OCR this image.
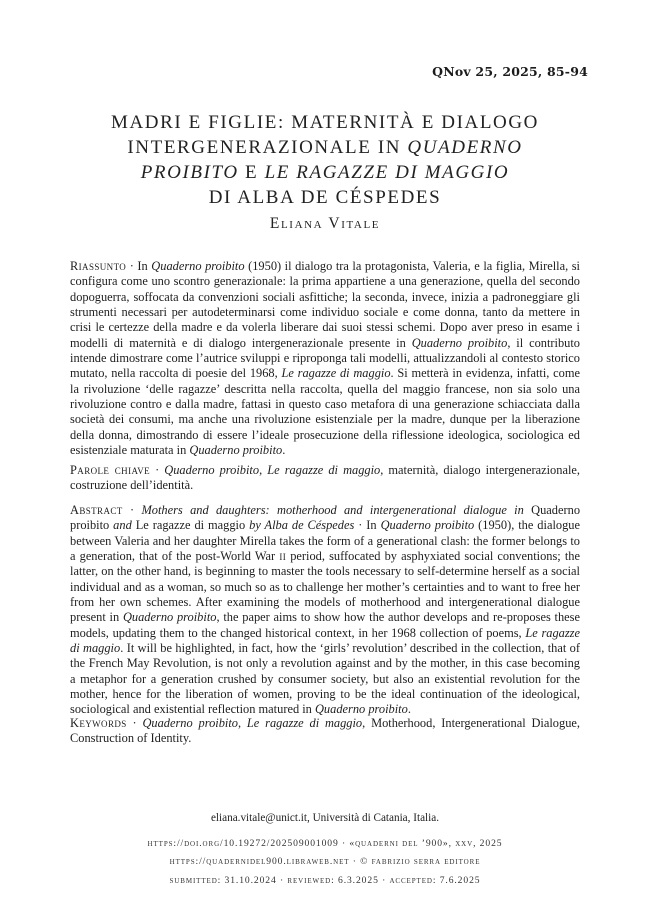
QNov 25, 2025, 85-94
MADRI E FIGLIE: MATERNITÀ E DIALOGO
INTERGENERAZIONALE IN QUADERNO
PROIBITO E LE RAGAZZE DI MAGGIO
DI ALBA DE CÉSPEDES
Eliana Vitale
Riassunto · In Quaderno proibito (1950) il dialogo tra la protagonista, Valeria, e la figlia, Mirella, si configura come uno scontro generazionale: la prima appartiene a una generazione, quella del secondo dopoguerra, soffocata da convenzioni sociali asfittiche; la seconda, invece, inizia a padroneggiare gli strumenti necessari per autodeterminarsi come individuo sociale e come donna, tanto da mettere in crisi le certezze della madre e da volerla liberare dai suoi stessi schemi. Dopo aver preso in esame i modelli di maternità e di dialogo intergenerazionale presente in Quaderno proibito, il contributo intende dimostrare come l’autrice sviluppi e riproponga tali modelli, attualizzandoli al contesto storico mutato, nella raccolta di poesie del 1968, Le ragazze di maggio. Si metterà in evidenza, infatti, come la rivoluzione ‘delle ragazze’ descritta nella raccolta, quella del maggio francese, non sia solo una rivoluzione contro e dalla madre, fattasi in questo caso metafora di una generazione schiacciata dalla società dei consumi, ma anche una rivoluzione esistenziale per la madre, dunque per la liberazione della donna, dimostrando di essere l’ideale prosecuzione della riflessione ideologica, sociologica ed esistenziale maturata in Quaderno proibito.
Parole chiave · Quaderno proibito, Le ragazze di maggio, maternità, dialogo intergenerazionale, costruzione dell’identità.
Abstract · Mothers and daughters: motherhood and intergenerational dialogue in Quaderno proibito and Le ragazze di maggio by Alba de Céspedes · In Quaderno proibito (1950), the dialogue between Valeria and her daughter Mirella takes the form of a generational clash: the former belongs to a generation, that of the post-World War ii period, suffocated by asphyxiated social conventions; the latter, on the other hand, is beginning to master the tools necessary to self-determine herself as a social individual and as a woman, so much so as to challenge her mother’s certainties and to want to free her from her own schemes. After examining the models of motherhood and intergenerational dialogue present in Quaderno proibito, the paper aims to show how the author develops and re-proposes these models, updating them to the changed historical context, in her 1968 collection of poems, Le ragazze di maggio. It will be highlighted, in fact, how the ‘girls’ revolution’ described in the collection, that of the French May Revolution, is not only a revolution against and by the mother, in this case becoming a metaphor for a generation crushed by consumer society, but also an existential revolution for the mother, hence for the liberation of women, proving to be the ideal continuation of the ideological, sociological and existential reflection matured in Quaderno proibito.
Keywords · Quaderno proibito, Le ragazze di maggio, Motherhood, Intergenerational Dialogue, Construction of Identity.
eliana.vitale@unict.it, Università di Catania, Italia.
https://doi.org/10.19272/202509001009 · «quaderni del ’900», xxv, 2025
https://quadernidel900.libraweb.net · © fabrizio serra editore
submitted: 31.10.2024 · reviewed: 6.3.2025 · accepted: 7.6.2025
